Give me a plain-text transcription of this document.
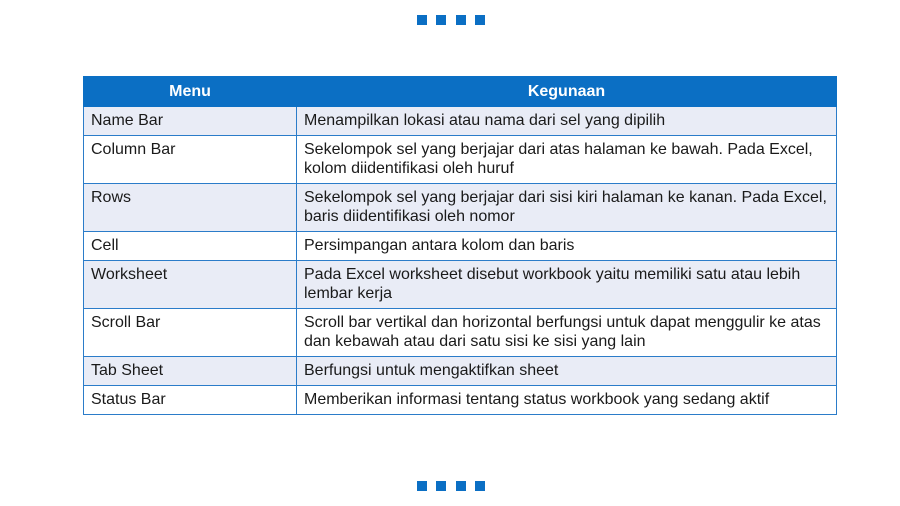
Menu	Kegunaan
Name Bar	Menampilkan lokasi atau nama dari sel yang dipilih
Column Bar	Sekelompok sel yang berjajar dari atas halaman ke bawah. Pada Excel, kolom diidentifikasi oleh huruf
Rows	Sekelompok sel yang berjajar dari sisi kiri halaman ke kanan. Pada Excel, baris diidentifikasi oleh nomor
Cell	Persimpangan antara kolom dan baris
Worksheet	Pada Excel worksheet disebut workbook yaitu memiliki satu atau lebih lembar kerja
Scroll Bar	Scroll bar vertikal dan horizontal berfungsi untuk dapat menggulir ke atas dan kebawah atau dari satu sisi ke sisi yang lain
Tab Sheet	Berfungsi untuk mengaktifkan sheet
Status Bar	Memberikan informasi tentang status workbook yang sedang aktif
